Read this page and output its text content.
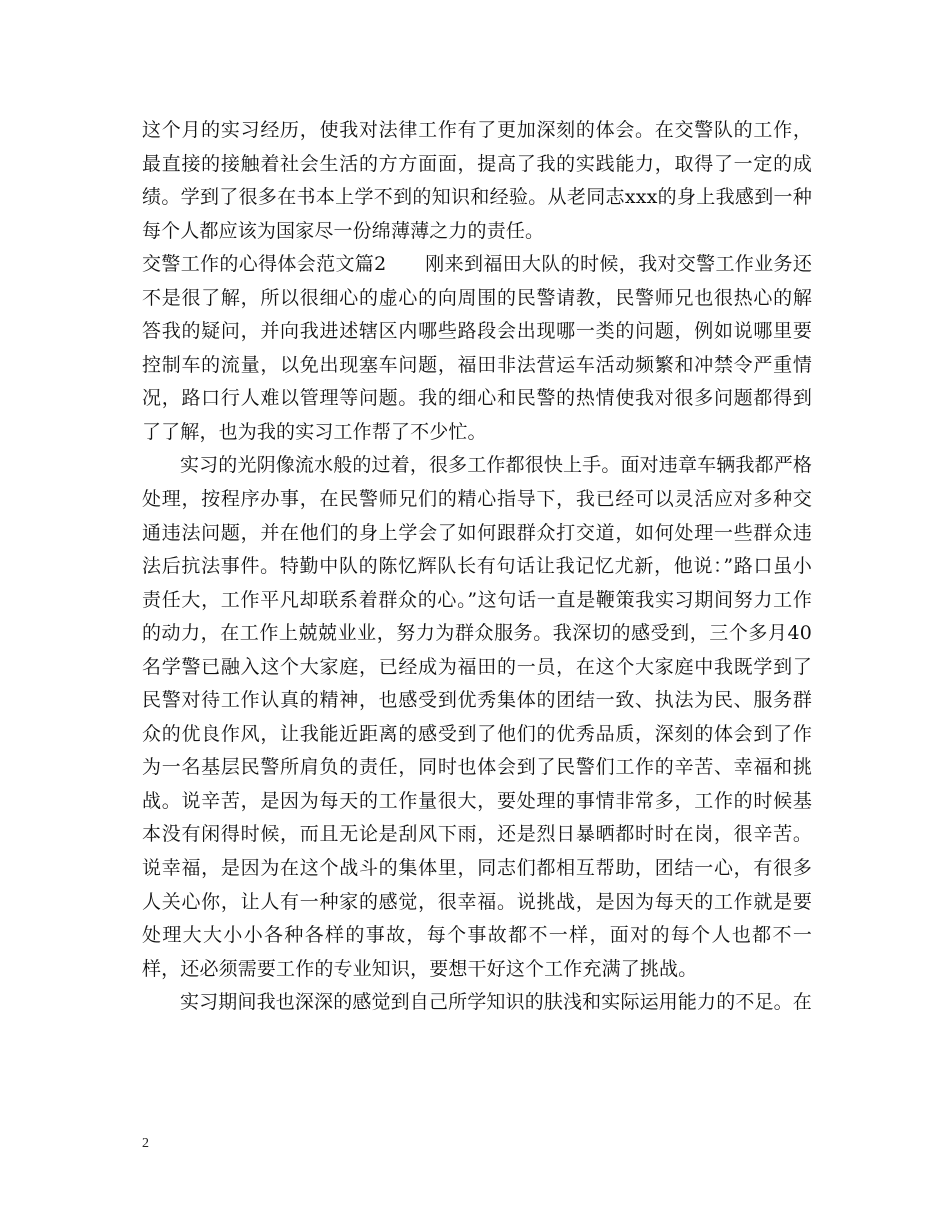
这个月的实习经历，使我对法律工作有了更加深刻的体会。在交警队的工作，最直接的接触着社会生活的方方面面，提高了我的实践能力，取得了一定的成绩。学到了很多在书本上学不到的知识和经验。从老同志xxx的身上我感到一种每个人都应该为国家尽一份绵薄薄之力的责任。

交警工作的心得体会范文篇2　　刚来到福田大队的时候，我对交警工作业务还不是很了解，所以很细心的虚心的向周围的民警请教，民警师兄也很热心的解答我的疑问，并向我进述辖区内哪些路段会出现哪一类的问题，例如说哪里要控制车的流量，以免出现塞车问题，福田非法营运车活动频繁和冲禁令严重情况，路口行人难以管理等问题。我的细心和民警的热情使我对很多问题都得到了了解，也为我的实习工作帮了不少忙。

实习的光阴像流水般的过着，很多工作都很快上手。面对违章车辆我都严格处理，按程序办事，在民警师兄们的精心指导下，我已经可以灵活应对多种交通违法问题，并在他们的身上学会了如何跟群众打交道，如何处理一些群众违法后抗法事件。特勤中队的陈忆辉队长有句话让我记忆尤新，他说：”路口虽小责任大，工作平凡却联系着群众的心。”这句话一直是鞭策我实习期间努力工作的动力，在工作上兢兢业业，努力为群众服务。我深切的感受到，三个多月40名学警已融入这个大家庭，已经成为福田的一员，在这个大家庭中我既学到了民警对待工作认真的精神，也感受到优秀集体的团结一致、执法为民、服务群众的优良作风，让我能近距离的感受到了他们的优秀品质，深刻的体会到了作为一名基层民警所肩负的责任，同时也体会到了民警们工作的辛苦、幸福和挑战。说辛苦，是因为每天的工作量很大，要处理的事情非常多，工作的时候基本没有闲得时候，而且无论是刮风下雨，还是烈日暴晒都时时在岗，很辛苦。说幸福，是因为在这个战斗的集体里，同志们都相互帮助，团结一心，有很多人关心你，让人有一种家的感觉，很幸福。说挑战，是因为每天的工作就是要处理大大小小各种各样的事故，每个事故都不一样，面对的每个人也都不一样，还必须需要工作的专业知识，要想干好这个工作充满了挑战。

实习期间我也深深的感觉到自己所学知识的肤浅和实际运用能力的不足。在

2
